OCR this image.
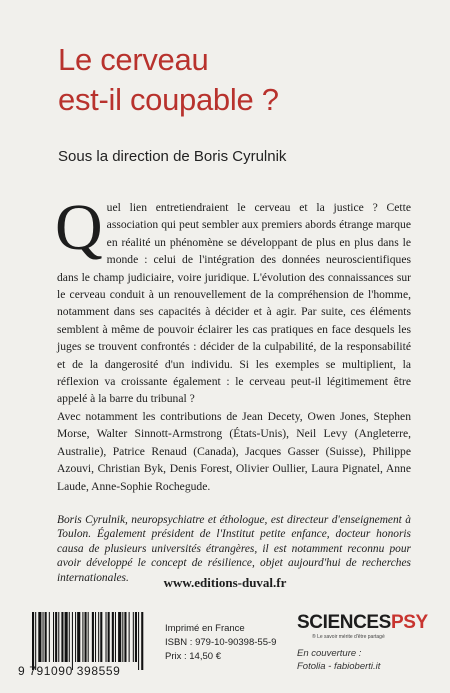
Le cerveau
est-il coupable ?

Sous la direction de Boris Cyrulnik

Quel lien entretiendraient le cerveau et la justice ? Cette association qui peut sembler aux premiers abords étrange marque en réalité un phénomène se développant de plus en plus dans le monde : celui de l'intégration des données neuroscientifiques dans le champ judiciaire, voire juridique. L'évolution des connaissances sur le cerveau conduit à un renouvellement de la compréhension de l'homme, notamment dans ses capacités à décider et à agir. Par suite, ces éléments semblent à même de pouvoir éclairer les cas pratiques en face desquels les juges se trouvent confrontés : décider de la culpabilité, de la responsabilité et de la dangerosité d'un individu. Si les exemples se multiplient, la réflexion va croissante également : le cerveau peut-il légitimement être appelé à la barre du tribunal ?

Avec notamment les contributions de Jean Decety, Owen Jones, Stephen Morse, Walter Sinnott-Armstrong (États-Unis), Neil Levy (Angleterre, Australie), Patrice Renaud (Canada), Jacques Gasser (Suisse), Philippe Azouvi, Christian Byk, Denis Forest, Olivier Oullier, Laura Pignatel, Anne Laude, Anne-Sophie Rochegude.

Boris Cyrulnik, neuropsychiatre et éthologue, est directeur d'enseignement à Toulon. Également président de l'Institut petite enfance, docteur honoris causa de plusieurs universités étrangères, il est notamment reconnu pour avoir développé le concept de résilience, objet aujourd'hui de recherches internationales.	www.editions-duval.fr
9 791090 398559
Imprimé en France
ISBN : 979-10-90398-55-9
Prix : 14,50 €
SCIENCESPSY
® Le savoir mérite d'être partagé
En couverture :
Fotolia - fabioberti.it
